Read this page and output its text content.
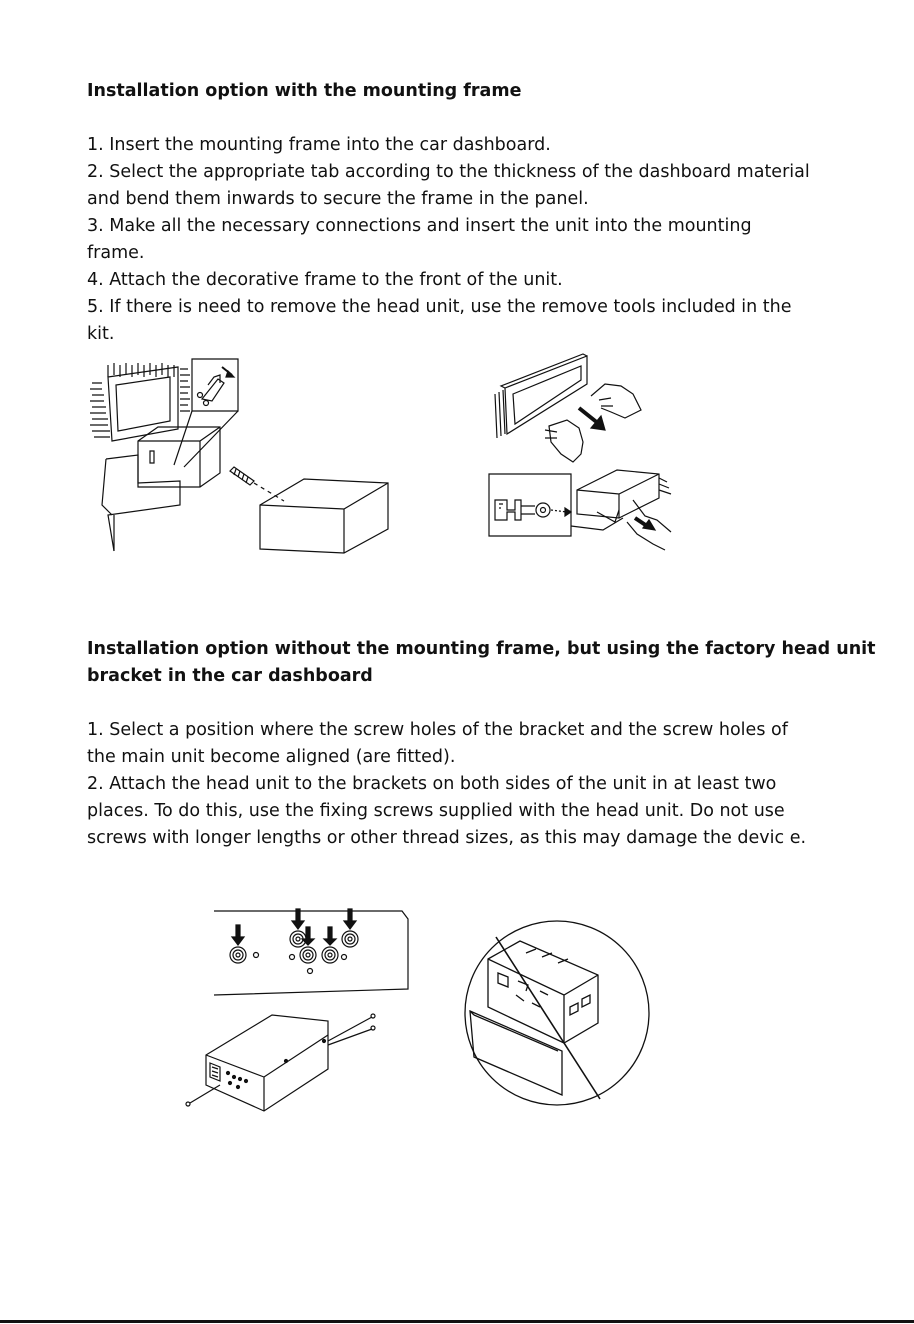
Installation option with the mounting frame
1. Insert the mounting frame into the car dashboard.
2. Select the appropriate tab according to the thickness of the dashboard material
and bend them inwards to secure the frame in the panel.
3. Make all the necessary connections and insert the unit into the mounting
frame.
4. Attach the decorative frame to the front of the unit.
5. If there is need to remove the head unit, use the remove tools included in the
kit.
Installation option without the mounting frame, but using the factory head unit
bracket in the car dashboard
1. Select a position where the screw holes of the bracket and the screw holes of
the main unit become aligned (are fitted).
2. Attach the head unit to the brackets on both sides of the unit in at least two
places. To do this, use the fixing screws supplied with the head unit. Do not use
screws with longer lengths or other thread sizes, as this may damage the devic e.
